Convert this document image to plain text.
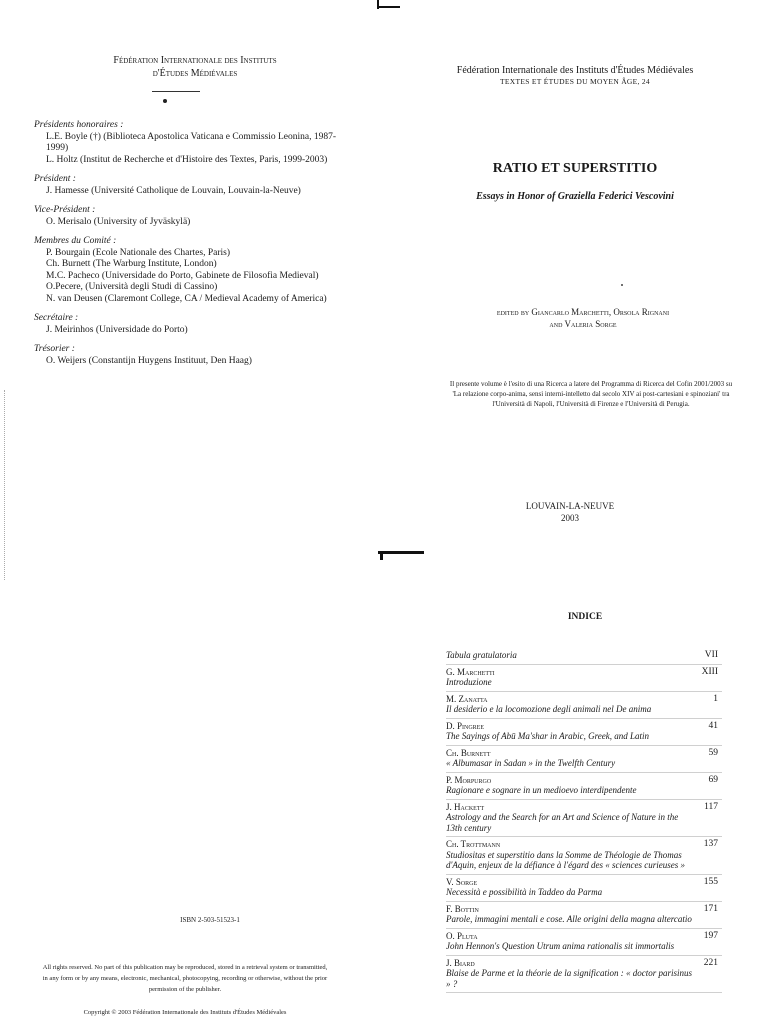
Fédération Internationale des Instituts
d'Études Médiévales
Présidents honoraires :
L.E. Boyle (†) (Biblioteca Apostolica Vaticana e Commissio Leonina, 1987-1999)
L. Holtz (Institut de Recherche et d'Histoire des Textes, Paris, 1999-2003)
Président :
J. Hamesse (Université Catholique de Louvain, Louvain-la-Neuve)
Vice-Président :
O. Merisalo (University of Jyväskylä)
Membres du Comité :
P. Bourgain (Ecole Nationale des Chartes, Paris)
Ch. Burnett (The Warburg Institute, London)
M.C. Pacheco (Universidade do Porto, Gabinete de Filosofia Medieval)
O.Pecere, (Università degli Studi di Cassino)
N. van Deusen (Claremont College, CA / Medieval Academy of America)
Secrétaire :
J. Meirinhos (Universidade do Porto)
Trésorier :
O. Weijers (Constantijn Huygens Instituut, Den Haag)
Fédération Internationale des Instituts d'Études Médiévales
TEXTES ET ÉTUDES DU MOYEN ÂGE, 24
RATIO ET SUPERSTITIO
Essays in Honor of Graziella Federici Vescovini
edited by Giancarlo Marchetti, Orsola Rignani
and Valeria Sorge
Il presente volume è l'esito di una Ricerca a latere del Programma di Ricerca del Cofin 2001/2003 su 'La relazione corpo-anima, sensi interni-intelletto dal secolo XIV ai post-cartesiani e spinoziani' tra l'Università di Napoli, l'Università di Firenze e l'Università di Perugia.
LOUVAIN-LA-NEUVE
2003
ISBN 2-503-51523-1
All rights reserved. No part of this publication may be reproduced, stored in a retrieval system or transmitted, in any form or by any means, electronic, mechanical, photocopying, recording or otherwise, without the prior permission of the publisher.
Copyright © 2003 Fédération Internationale des Instituts d'Études Médiévales
INDICE
Tabula gratulatoria	VII
G. Marchetti
Introduzione
XIII
M. Zanatta
Il desiderio e la locomozione degli animali nel De anima
1
D. Pingree
The Sayings of Abū Ma'shar in Arabic, Greek, and Latin
41
Ch. Burnett
« Albumasar in Sadan » in the Twelfth Century
59
P. Morpurgo
Ragionare e sognare in un medioevo interdipendente
69
J. Hackett
Astrology and the Search for an Art and Science of Nature in the 13th century
117
Ch. Trottmann
Studiositas et superstitio dans la Somme de Théologie de Thomas d'Aquin, enjeux de la défiance à l'égard des « sciences curieuses »
137
V. Sorge
Necessità e possibilità in Taddeo da Parma
155
F. Bottin
Parole, immagini mentali e cose. Alle origini della magna altercatio
171
O. Pluta
John Hennon's Question Utrum anima rationalis sit immortalis
197
J. Biard
Blaise de Parme et la théorie de la signification : « doctor parisinus » ?
221
